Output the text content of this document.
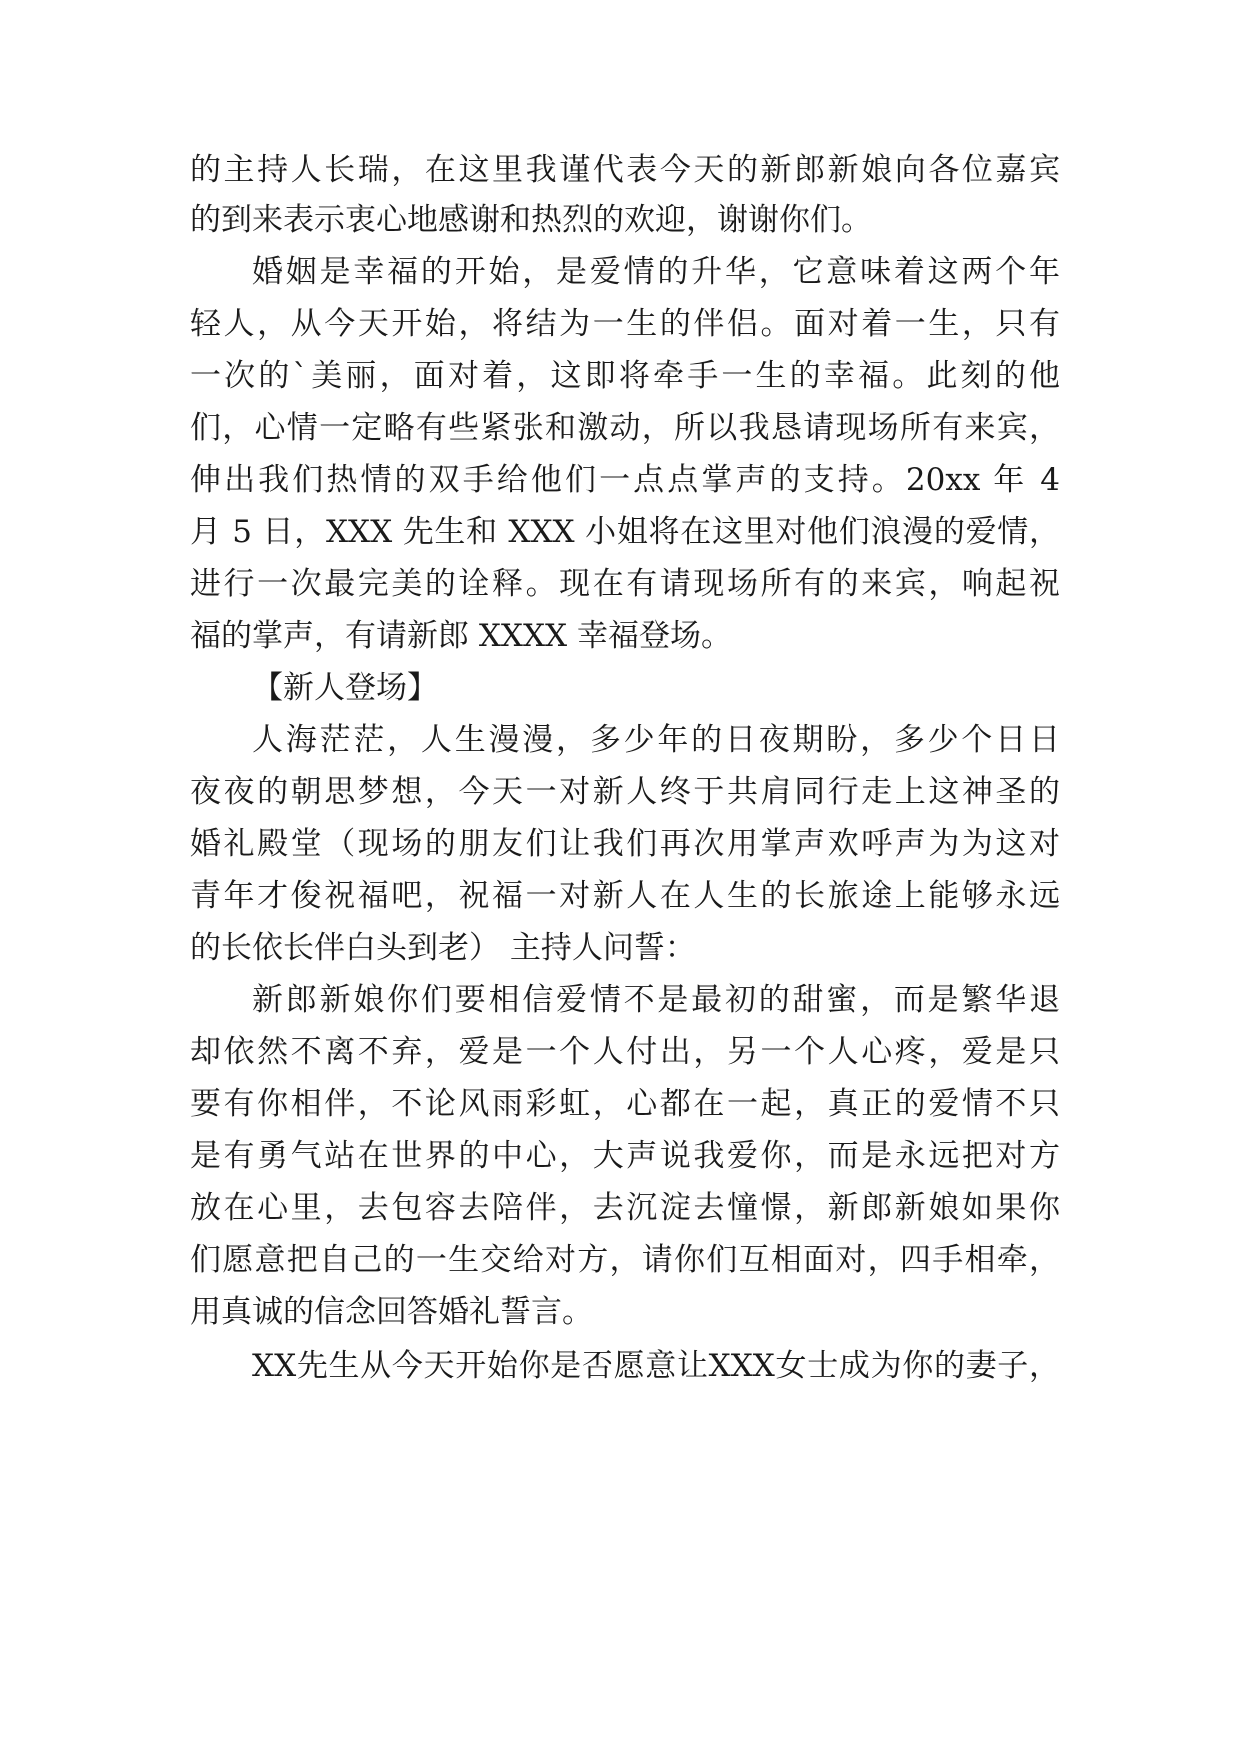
的主持人长瑞，在这里我谨代表今天的新郎新娘向各位嘉宾
的到来表示衷心地感谢和热烈的欢迎，谢谢你们。
婚姻是幸福的开始，是爱情的升华，它意味着这两个年
轻人，从今天开始，将结为一生的伴侣。面对着一生，只有
一次的`美丽，面对着，这即将牵手一生的幸福。此刻的他
们，心情一定略有些紧张和激动，所以我恳请现场所有来宾，
伸出我们热情的双手给他们一点点掌声的支持。20xx 年 4
月 5 日，XXX 先生和 XXX 小姐将在这里对他们浪漫的爱情，
进行一次最完美的诠释。现在有请现场所有的来宾，响起祝
福的掌声，有请新郎 XXXX 幸福登场。
【新人登场】
人海茫茫，人生漫漫，多少年的日夜期盼，多少个日日
夜夜的朝思梦想，今天一对新人终于共肩同行走上这神圣的
婚礼殿堂（现场的朋友们让我们再次用掌声欢呼声为为这对
青年才俊祝福吧，祝福一对新人在人生的长旅途上能够永远
的长依长伴白头到老） 主持人问誓：
新郎新娘你们要相信爱情不是最初的甜蜜，而是繁华退
却依然不离不弃，爱是一个人付出，另一个人心疼，爱是只
要有你相伴，不论风雨彩虹，心都在一起，真正的爱情不只
是有勇气站在世界的中心，大声说我爱你，而是永远把对方
放在心里，去包容去陪伴，去沉淀去憧憬，新郎新娘如果你
们愿意把自己的一生交给对方，请你们互相面对，四手相牵，
用真诚的信念回答婚礼誓言。
XX先生从今天开始你是否愿意让XXX女士成为你的妻子，
